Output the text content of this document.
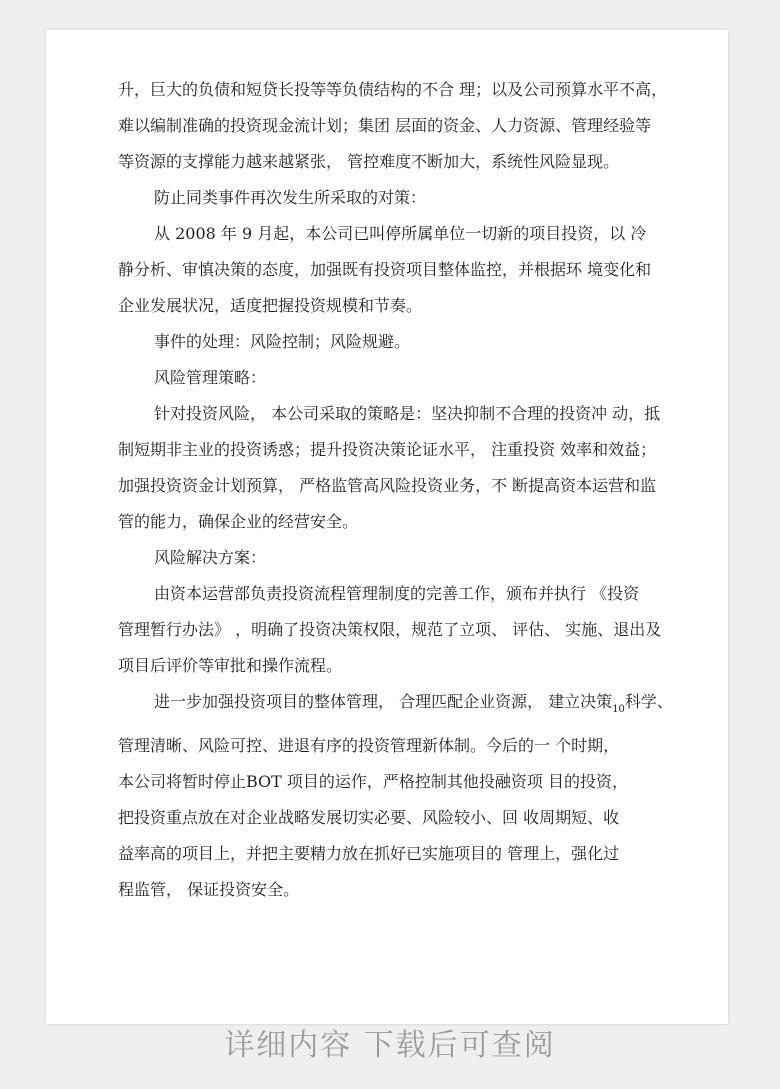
升，巨大的负债和短贷长投等等负债结构的不合 理；以及公司预算水平不高，
难以编制准确的投资现金流计划；集团 层面的资金、人力资源、管理经验等
等资源的支撑能力越来越紧张， 管控难度不断加大，系统性风险显现。

防止同类事件再次发生所采取的对策：

从 2008 年 9 月起，本公司已叫停所属单位一切新的项目投资，以 冷
静分析、审慎决策的态度，加强既有投资项目整体监控，并根据环 境变化和
企业发展状况，适度把握投资规模和节奏。

事件的处理：风险控制；风险规避。

风险管理策略：

针对投资风险， 本公司采取的策略是：坚决抑制不合理的投资冲 动，抵
制短期非主业的投资诱惑；提升投资决策论证水平， 注重投资 效率和效益；
加强投资资金计划预算， 严格监管高风险投资业务，不 断提高资本运营和监
管的能力，确保企业的经营安全。

风险解决方案：

由资本运营部负责投资流程管理制度的完善工作，颁布并执行 《投资
管理暂行办法》 ，明确了投资决策权限，规范了立项、 评估、 实施、退出及
项目后评价等审批和操作流程。

进一步加强投资项目的整体管理， 合理匹配企业资源， 建立决策$_{10}$科学、
管理清晰、风险可控、进退有序的投资管理新体制。今后的一 个时期，
本公司将暂时停止BOT 项目的运作，严格控制其他投融资项 目的投资，
把投资重点放在对企业战略发展切实必要、风险较小、回 收周期短、收
益率高的项目上，并把主要精力放在抓好已实施项目的 管理上，强化过
程监管， 保证投资安全。

详细内容 下载后可查阅
